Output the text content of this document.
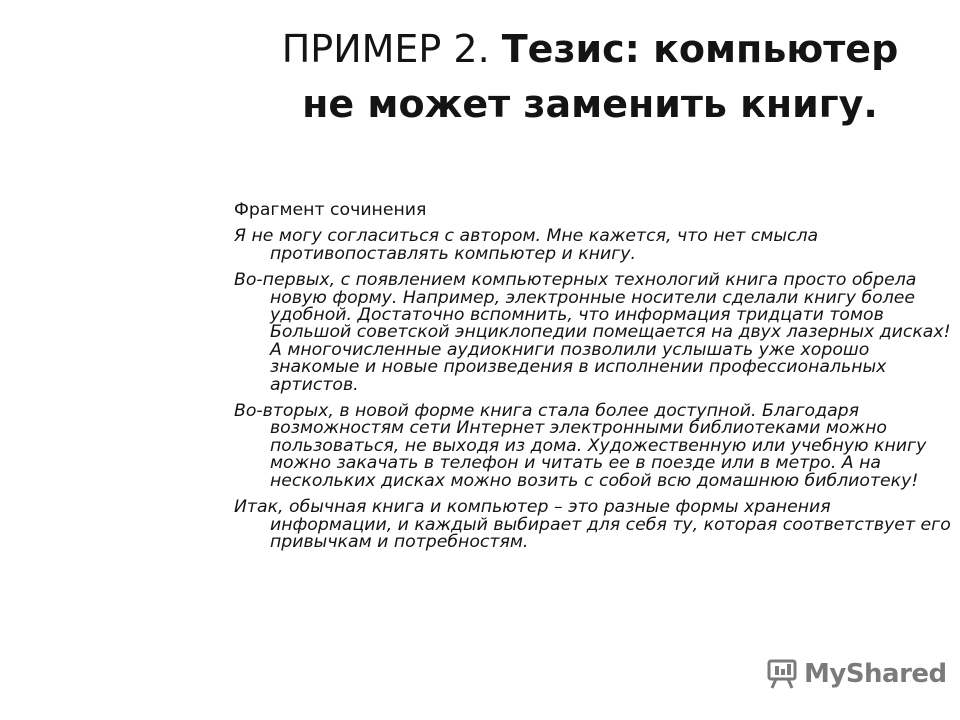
ПРИМЕР 2. Тезис: компьютер не может заменить книгу.
Фрагмент сочинения
Я не могу согласиться с автором. Мне кажется, что нет смысла противопоставлять компьютер и книгу.
Во-первых, с появлением компьютерных технологий книга просто обрела новую форму. Например, электронные носители сделали книгу более удобной. Достаточно вспомнить, что информация тридцати томов Большой советской энциклопедии помещается на двух лазерных дисках! А многочисленные аудиокниги позволили услышать уже хорошо знакомые и новые произведения в исполнении профессиональных артистов.
Во-вторых, в новой форме книга стала более доступной. Благодаря возможностям сети Интернет электронными библиотеками можно пользоваться, не выходя из дома. Художественную или учебную книгу можно закачать в телефон и читать ее в поезде или в метро. А на нескольких дисках можно возить с собой всю домашнюю библиотеку!
Итак, обычная книга и компьютер – это разные формы хранения информации, и каждый выбирает для себя ту, которая соответствует его привычкам и потребностям.
MyShared
